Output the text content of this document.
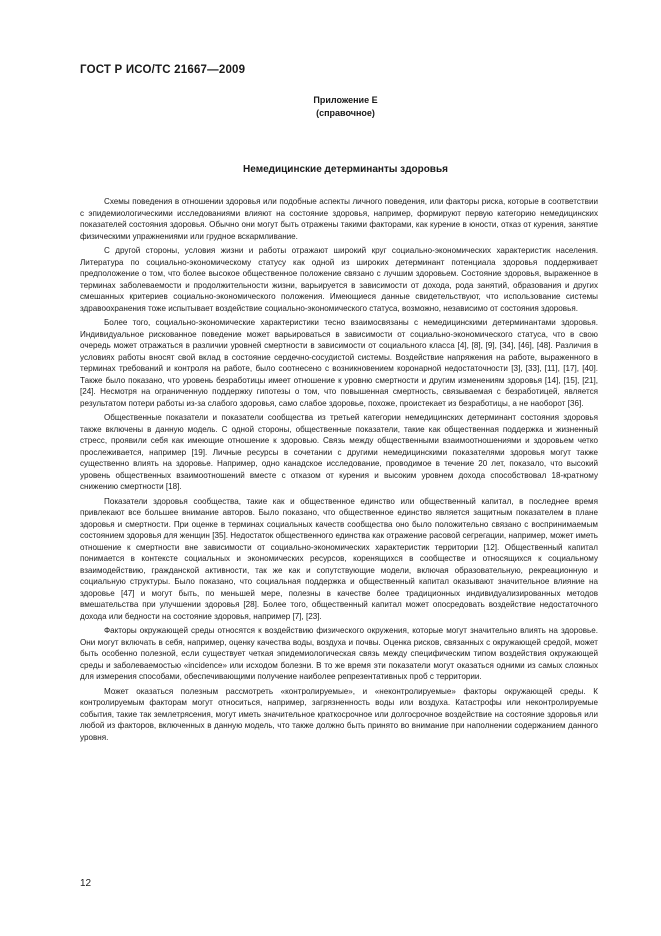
ГОСТ Р ИСО/ТС 21667—2009
Приложение Е
(справочное)
Немедицинские детерминанты здоровья

Схемы поведения в отношении здоровья или подобные аспекты личного поведения, или факторы риска, которые в соответствии с эпидемиологическими исследованиями влияют на состояние здоровья, например, формируют первую категорию немедицинских показателей состояния здоровья. Обычно они могут быть отражены такими факторами, как курение в юности, отказ от курения, занятие физическими упражнениями или грудное вскармливание.

С другой стороны, условия жизни и работы отражают широкий круг социально-экономических характеристик населения. Литература по социально-экономическому статусу как одной из широких детерминант потенциала здоровья поддерживает предположение о том, что более высокое общественное положение связано с лучшим здоровьем. Состояние здоровья, выраженное в терминах заболеваемости и продолжительности жизни, варьируется в зависимости от дохода, рода занятий, образования и других смешанных критериев социально-экономического положения. Имеющиеся данные свидетельствуют, что использование системы здравоохранения тоже испытывает воздействие социально-экономического статуса, возможно, независимо от состояния здоровья.

Более того, социально-экономические характеристики тесно взаимосвязаны с немедицинскими детерминантами здоровья. Индивидуальное рискованное поведение может варьироваться в зависимости от социально-экономического статуса, что в свою очередь может отражаться в различии уровней смертности в зависимости от социального класса [4], [8], [9], [34], [46], [48]. Различия в условиях работы вносят свой вклад в состояние сердечно-сосудистой системы. Воздействие напряжения на работе, выраженного в терминах требований и контроля на работе, было соотнесено с возникновением коронарной недостаточности [3], [33], [11], [17], [40]. Также было показано, что уровень безработицы имеет отношение к уровню смертности и другим изменениям здоровья [14], [15], [21], [24]. Несмотря на ограниченную поддержку гипотезы о том, что повышенная смертность, связываемая с безработицей, является результатом потери работы из-за слабого здоровья, само слабое здоровье, похоже, проистекает из безработицы, а не наоборот [36].

Общественные показатели и показатели сообщества из третьей категории немедицинских детерминант состояния здоровья также включены в данную модель. С одной стороны, общественные показатели, такие как общественная поддержка и жизненный стресс, проявили себя как имеющие отношение к здоровью. Связь между общественными взаимоотношениями и здоровьем четко прослеживается, например [19]. Личные ресурсы в сочетании с другими немедицинскими показателями здоровья могут также существенно влиять на здоровье. Например, одно канадское исследование, проводимое в течение 20 лет, показало, что высокий уровень общественных взаимоотношений вместе с отказом от курения и высоким уровнем дохода способствовал 18-кратному снижению смертности [18].

Показатели здоровья сообщества, такие как и общественное единство или общественный капитал, в последнее время привлекают все большее внимание авторов. Было показано, что общественное единство является защитным показателем в плане здоровья и смертности. При оценке в терминах социальных качеств сообщества оно было положительно связано с воспринимаемым состоянием здоровья для женщин [35]. Недостаток общественного единства как отражение расовой сегрегации, например, может иметь отношение к смертности вне зависимости от социально-экономических характеристик территории [12]. Общественный капитал понимается в контексте социальных и экономических ресурсов, коренящихся в сообществе и относящихся к социальному взаимодействию, гражданской активности, так же как и сопутствующие модели, включая образовательную, рекреационную и социальную структуры. Было показано, что социальная поддержка и общественный капитал оказывают значительное влияние на здоровье [47] и могут быть, по меньшей мере, полезны в качестве более традиционных индивидуализированных методов вмешательства при улучшении здоровья [28]. Более того, общественный капитал может опосредовать воздействие недостаточного дохода или бедности на состояние здоровья, например [7], [23].

Факторы окружающей среды относятся к воздействию физического окружения, которые могут значительно влиять на здоровье. Они могут включать в себя, например, оценку качества воды, воздуха и почвы. Оценка рисков, связанных с окружающей средой, может быть особенно полезной, если существует четкая эпидемиологическая связь между специфическим типом воздействия окружающей среды и заболеваемостью «incidence» или исходом болезни. В то же время эти показатели могут оказаться одними из самых сложных для измерения способами, обеспечивающими получение наиболее репрезентативных проб с территории.

Может оказаться полезным рассмотреть «контролируемые», и «неконтролируемые» факторы окружающей среды. К контролируемым факторам могут относиться, например, загрязненность воды или воздуха. Катастрофы или неконтролируемые события, такие так землетрясения, могут иметь значительное краткосрочное или долгосрочное воздействие на состояние здоровья или любой из факторов, включенных в данную модель, что также должно быть принято во внимание при наполнении содержанием данного уровня.

12
